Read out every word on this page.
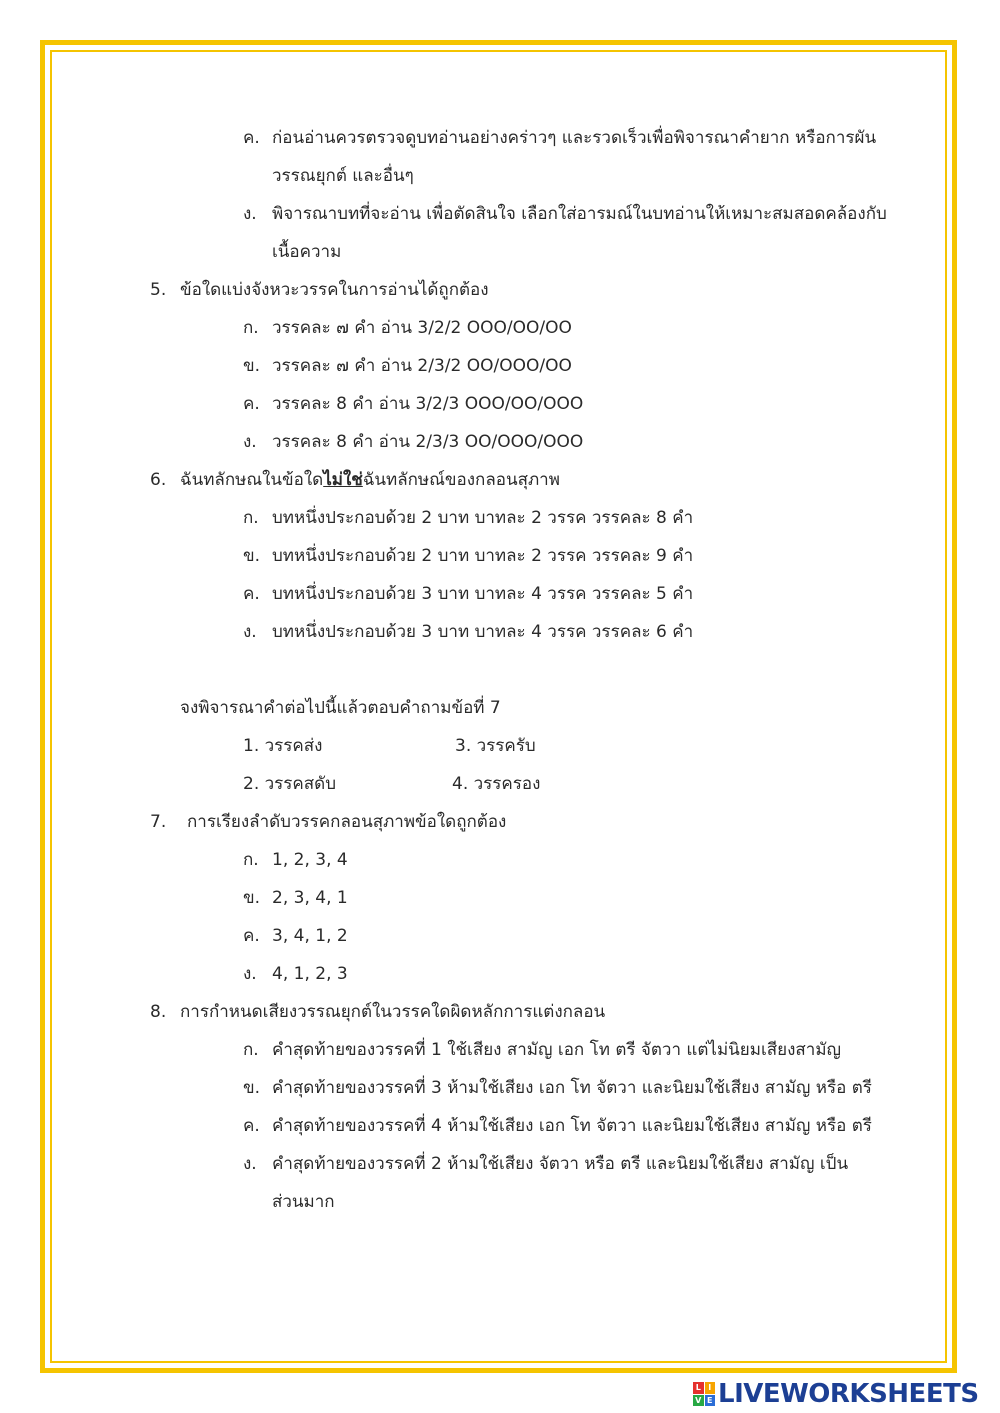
ค. ก่อนอ่านควรตรวจดูบทอ่านอย่างคร่าวๆ และรวดเร็วเพื่อพิจารณาคำยาก หรือการผัน
วรรณยุกต์ และอื่นๆ
ง. พิจารณาบทที่จะอ่าน เพื่อตัดสินใจ เลือกใส่อารมณ์ในบทอ่านให้เหมาะสมสอดคล้องกับ
เนื้อความ
5. ข้อใดแบ่งจังหวะวรรคในการอ่านได้ถูกต้อง
ก. วรรคละ ๗ คำ อ่าน 3/2/2 OOO/OO/OO
ข. วรรคละ ๗ คำ อ่าน 2/3/2 OO/OOO/OO
ค. วรรคละ 8 คำ อ่าน 3/2/3 OOO/OO/OOO
ง. วรรคละ 8 คำ อ่าน 2/3/3 OO/OOO/OOO
6. ฉันทลักษณในข้อใดไม่ใช่ฉันทลักษณ์ของกลอนสุภาพ
ก. บทหนึ่งประกอบด้วย 2 บาท บาทละ 2 วรรค วรรคละ 8 คำ
ข. บทหนึ่งประกอบด้วย 2 บาท บาทละ 2 วรรค วรรคละ 9 คำ
ค. บทหนึ่งประกอบด้วย 3 บาท บาทละ 4 วรรค วรรคละ 5 คำ
ง. บทหนึ่งประกอบด้วย 3 บาท บาทละ 4 วรรค วรรคละ 6 คำ
จงพิจารณาคำต่อไปนี้แล้วตอบคำถามข้อที่ 7
1. วรรคส่ง	3. วรรครับ
2. วรรคสดับ	4. วรรครอง
7. การเรียงลำดับวรรคกลอนสุภาพข้อใดถูกต้อง
ก. 1, 2, 3, 4
ข. 2, 3, 4, 1
ค. 3, 4, 1, 2
ง. 4, 1, 2, 3
8. การกำหนดเสียงวรรณยุกต์ในวรรคใดผิดหลักการแต่งกลอน
ก. คำสุดท้ายของวรรคที่ 1 ใช้เสียง สามัญ เอก โท ตรี จัตวา แต่ไม่นิยมเสียงสามัญ
ข. คำสุดท้ายของวรรคที่ 3 ห้ามใช้เสียง เอก โท จัตวา และนิยมใช้เสียง สามัญ หรือ ตรี
ค. คำสุดท้ายของวรรคที่ 4 ห้ามใช้เสียง เอก โท จัตวา และนิยมใช้เสียง สามัญ หรือ ตรี
ง. คำสุดท้ายของวรรคที่ 2 ห้ามใช้เสียง จัตวา หรือ ตรี และนิยมใช้เสียง สามัญ เป็น
ส่วนมาก
L I
V E LIVEWORKSHEETS
